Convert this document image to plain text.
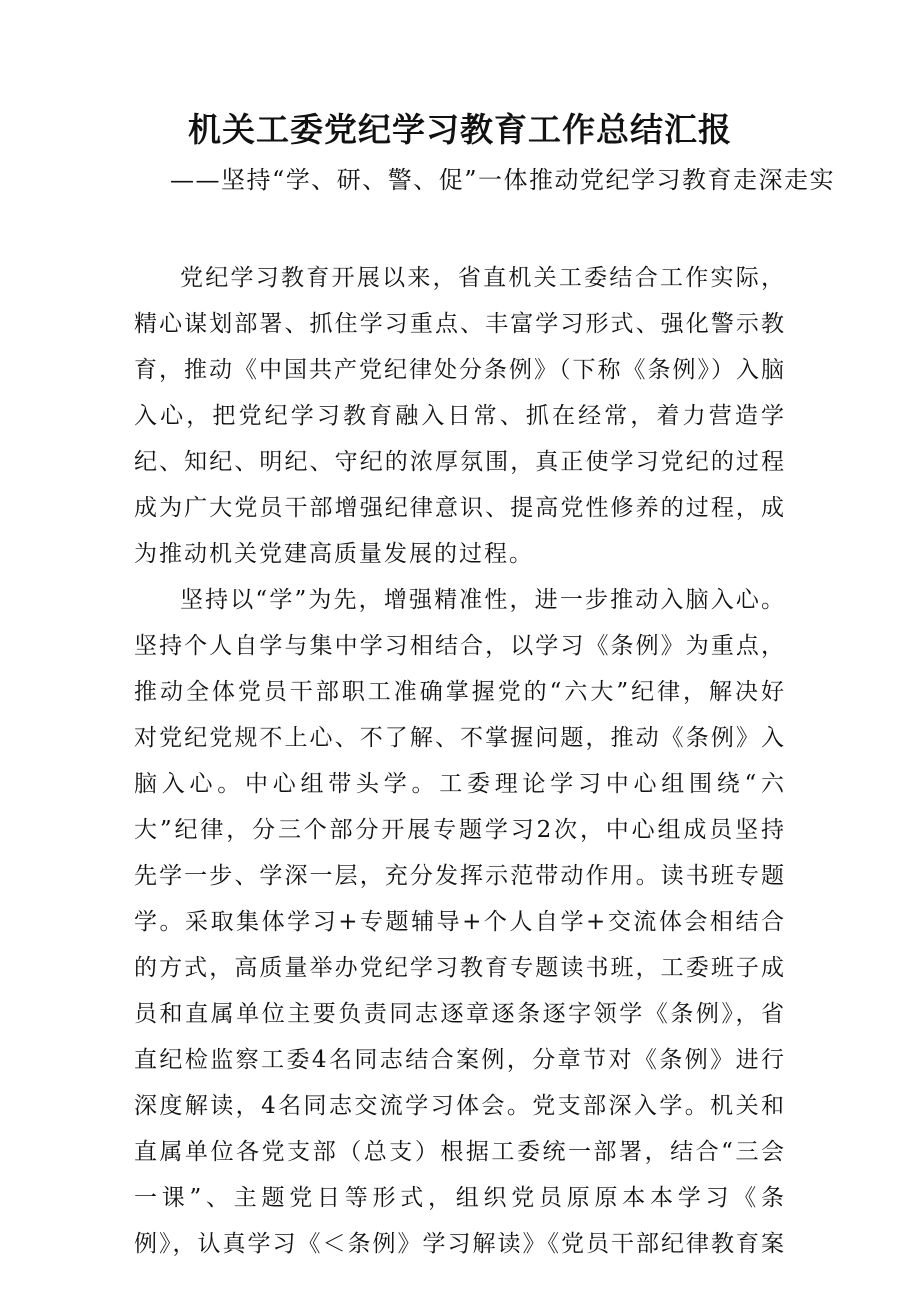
机关工委党纪学习教育工作总结汇报
——坚持“学、研、警、促”一体推动党纪学习教育走深走实

党纪学习教育开展以来，省直机关工委结合工作实际，精心谋划部署、抓住学习重点、丰富学习形式、强化警示教育，推动《中国共产党纪律处分条例》（下称《条例》）入脑入心，把党纪学习教育融入日常、抓在经常，着力营造学纪、知纪、明纪、守纪的浓厚氛围，真正使学习党纪的过程成为广大党员干部增强纪律意识、提高党性修养的过程，成为推动机关党建高质量发展的过程。

坚持以“学”为先，增强精准性，进一步推动入脑入心。坚持个人自学与集中学习相结合，以学习《条例》为重点，推动全体党员干部职工准确掌握党的“六大”纪律，解决好对党纪党规不上心、不了解、不掌握问题，推动《条例》入脑入心。中心组带头学。工委理论学习中心组围绕“六大”纪律，分三个部分开展专题学习2次，中心组成员坚持先学一步、学深一层，充分发挥示范带动作用。读书班专题学。采取集体学习+专题辅导+个人自学+交流体会相结合的方式，高质量举办党纪学习教育专题读书班，工委班子成员和直属单位主要负责同志逐章逐条逐字领学《条例》，省直纪检监察工委4名同志结合案例，分章节对《条例》进行深度解读，4名同志交流学习体会。党支部深入学。机关和直属单位各党支部（总支）根据工委统一部署，结合“三会一课”、主题党日等形式，组织党员原原本本学习《条例》，认真学习《＜条例》学习解读》《党员干部纪律教育案
